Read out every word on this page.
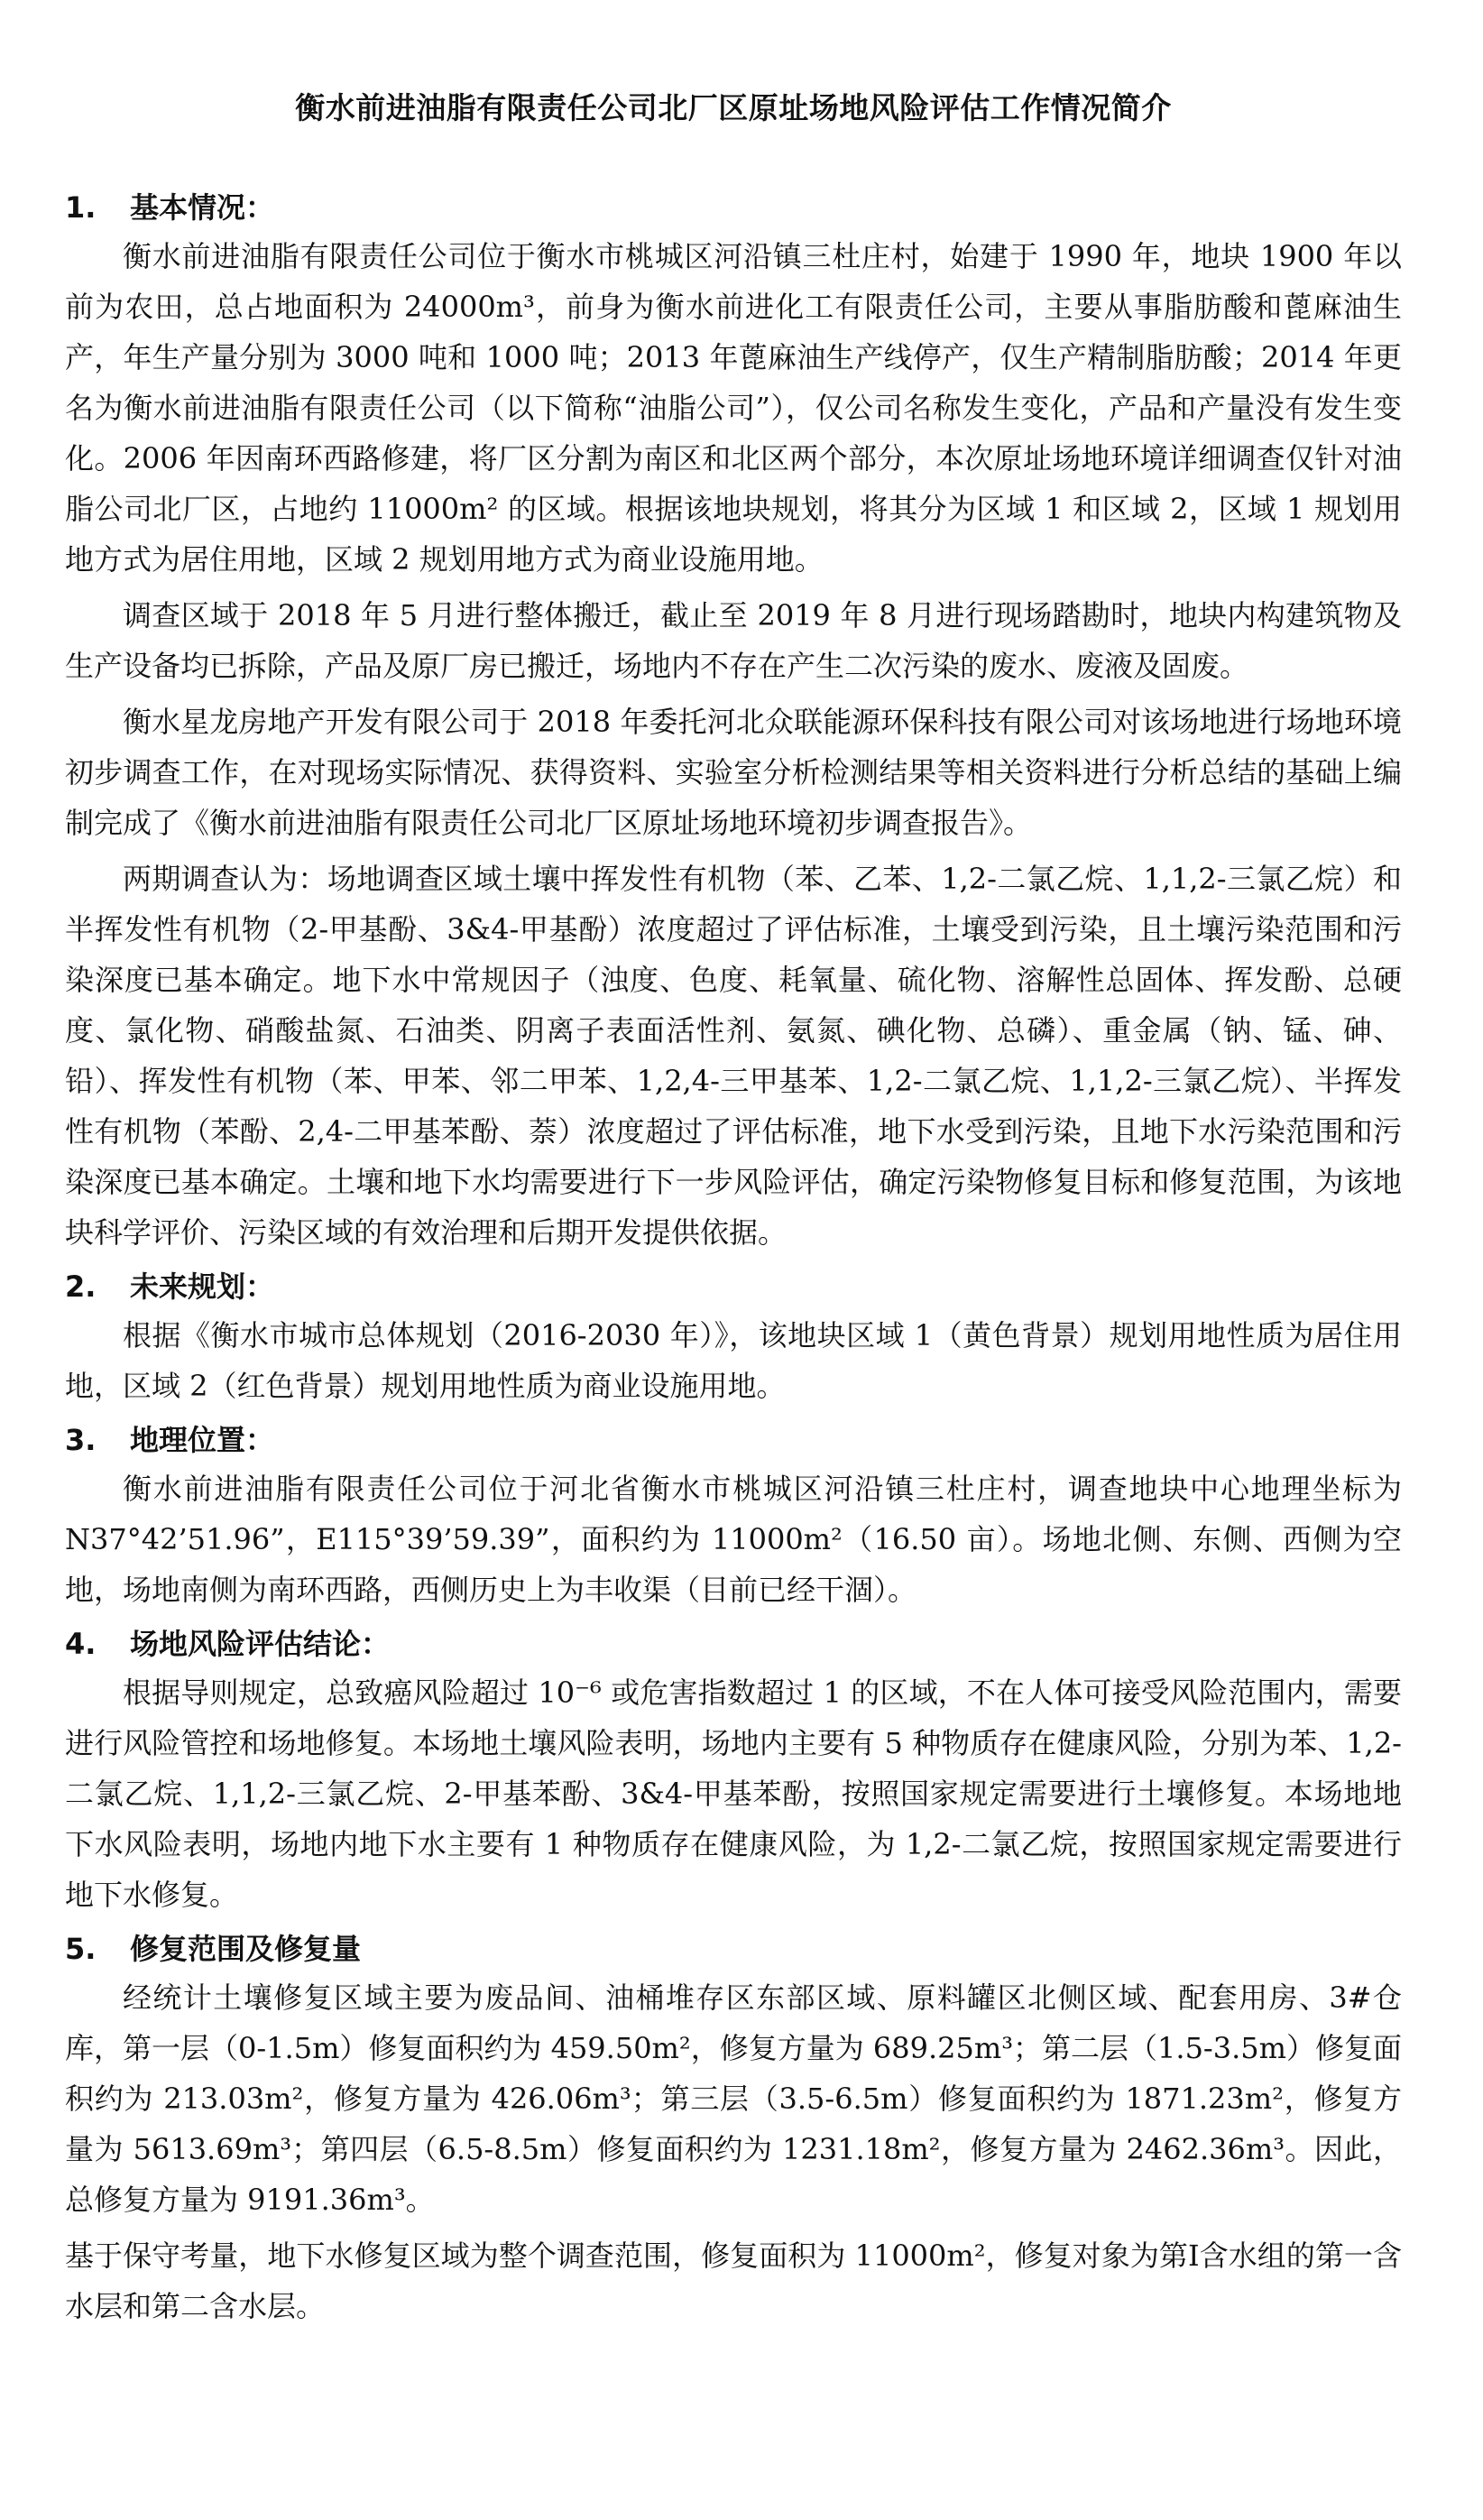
衡水前进油脂有限责任公司北厂区原址场地风险评估工作情况简介
1.	基本情况：

衡水前进油脂有限责任公司位于衡水市桃城区河沿镇三杜庄村，始建于 1990 年，地块 1900 年以前为农田，总占地面积为 24000m³，前身为衡水前进化工有限责任公司，主要从事脂肪酸和蓖麻油生产，年生产量分别为 3000 吨和 1000 吨；2013 年蓖麻油生产线停产，仅生产精制脂肪酸；2014 年更名为衡水前进油脂有限责任公司（以下简称“油脂公司”），仅公司名称发生变化，产品和产量没有发生变化。2006 年因南环西路修建，将厂区分割为南区和北区两个部分，本次原址场地环境详细调查仅针对油脂公司北厂区，占地约 11000m² 的区域。根据该地块规划，将其分为区域 1 和区域 2，区域 1 规划用地方式为居住用地，区域 2 规划用地方式为商业设施用地。

调查区域于 2018 年 5 月进行整体搬迁，截止至 2019 年 8 月进行现场踏勘时，地块内构建筑物及生产设备均已拆除，产品及原厂房已搬迁，场地内不存在产生二次污染的废水、废液及固废。

衡水星龙房地产开发有限公司于 2018 年委托河北众联能源环保科技有限公司对该场地进行场地环境初步调查工作，在对现场实际情况、获得资料、实验室分析检测结果等相关资料进行分析总结的基础上编制完成了《衡水前进油脂有限责任公司北厂区原址场地环境初步调查报告》。

两期调查认为：场地调查区域土壤中挥发性有机物（苯、乙苯、1,2-二氯乙烷、1,1,2-三氯乙烷）和半挥发性有机物（2-甲基酚、3&4-甲基酚）浓度超过了评估标准，土壤受到污染，且土壤污染范围和污染深度已基本确定。地下水中常规因子（浊度、色度、耗氧量、硫化物、溶解性总固体、挥发酚、总硬度、氯化物、硝酸盐氮、石油类、阴离子表面活性剂、氨氮、碘化物、总磷）、重金属（钠、锰、砷、铅）、挥发性有机物（苯、甲苯、邻二甲苯、1,2,4-三甲基苯、1,2-二氯乙烷、1,1,2-三氯乙烷）、半挥发性有机物（苯酚、2,4-二甲基苯酚、萘）浓度超过了评估标准，地下水受到污染，且地下水污染范围和污染深度已基本确定。土壤和地下水均需要进行下一步风险评估，确定污染物修复目标和修复范围，为该地块科学评价、污染区域的有效治理和后期开发提供依据。

2.	未来规划：

根据《衡水市城市总体规划（2016-2030 年）》，该地块区域 1（黄色背景）规划用地性质为居住用地，区域 2（红色背景）规划用地性质为商业设施用地。

3.	地理位置：

衡水前进油脂有限责任公司位于河北省衡水市桃城区河沿镇三杜庄村，调查地块中心地理坐标为 N37°42’51.96”，E115°39’59.39”，面积约为 11000m²（16.50 亩）。场地北侧、东侧、西侧为空地，场地南侧为南环西路，西侧历史上为丰收渠（目前已经干涸）。

4.	场地风险评估结论：

根据导则规定，总致癌风险超过 10⁻⁶ 或危害指数超过 1 的区域，不在人体可接受风险范围内，需要进行风险管控和场地修复。本场地土壤风险表明，场地内主要有 5 种物质存在健康风险，分别为苯、1,2-二氯乙烷、1,1,2-三氯乙烷、2-甲基苯酚、3&4-甲基苯酚，按照国家规定需要进行土壤修复。本场地地下水风险表明，场地内地下水主要有 1 种物质存在健康风险，为 1,2-二氯乙烷，按照国家规定需要进行地下水修复。

5.	修复范围及修复量

经统计土壤修复区域主要为废品间、油桶堆存区东部区域、原料罐区北侧区域、配套用房、3#仓库，第一层（0-1.5m）修复面积约为 459.50m²，修复方量为 689.25m³；第二层（1.5-3.5m）修复面积约为 213.03m²，修复方量为 426.06m³；第三层（3.5-6.5m）修复面积约为 1871.23m²，修复方量为 5613.69m³；第四层（6.5-8.5m）修复面积约为 1231.18m²，修复方量为 2462.36m³。因此，总修复方量为 9191.36m³。

基于保守考量，地下水修复区域为整个调查范围，修复面积为 11000m²，修复对象为第Ⅰ含水组的第一含水层和第二含水层。
